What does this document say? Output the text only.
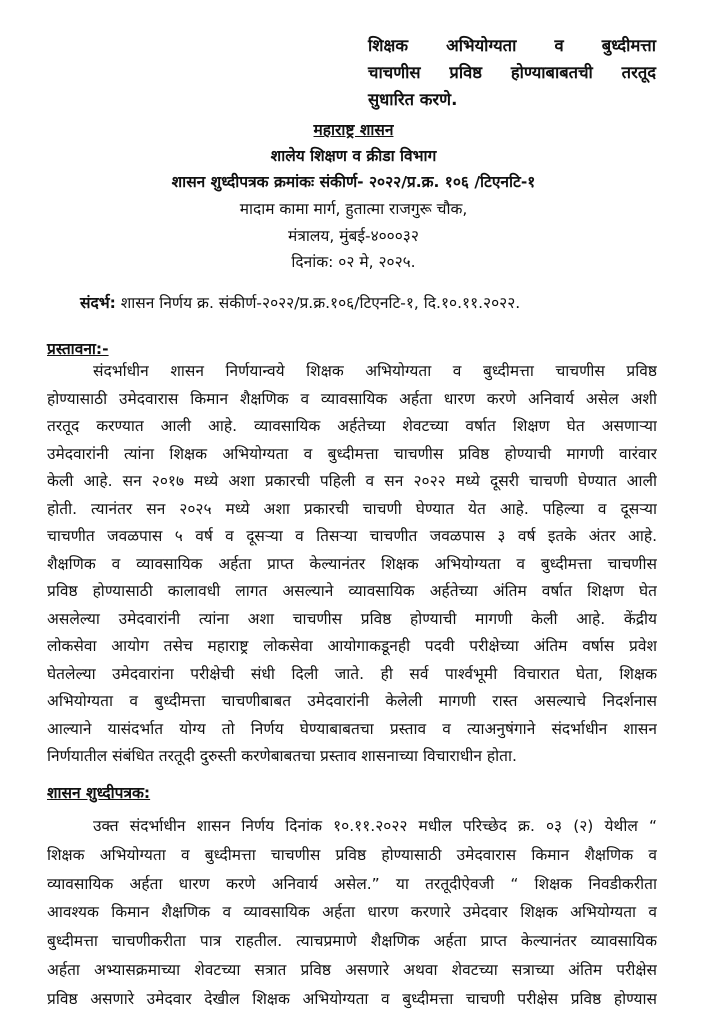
शिक्षक अभियोग्यता व बुध्दीमत्ता
चाचणीस प्रविष्ठ होण्याबाबतची तरतूद
सुधारित करणे.
महाराष्ट्र शासन
शालेय शिक्षण व क्रीडा विभाग
शासन शुध्दीपत्रक क्रमांकः संकीर्ण- २०२२/प्र.क्र. १०६ /टिएनटि-१
मादाम कामा मार्ग, हुतात्मा राजगुरू चौक,
मंत्रालय, मुंबई-४०००३२
दिनांक: ०२ मे, २०२५.
संदर्भ: शासन निर्णय क्र. संकीर्ण-२०२२/प्र.क्र.१०६/टिएनटि-१, दि.१०.११.२०२२.
प्रस्तावना:-
संदर्भाधीन शासन निर्णयान्वये शिक्षक अभियोग्यता व बुध्दीमत्ता चाचणीस प्रविष्ठ
होण्यासाठी उमेदवारास किमान शैक्षणिक व व्यावसायिक अर्हता धारण करणे अनिवार्य असेल अशी
तरतूद करण्यात आली आहे. व्यावसायिक अर्हतेच्या शेवटच्या वर्षात शिक्षण घेत असणाऱ्या
उमेदवारांनी त्यांना शिक्षक अभियोग्यता व बुध्दीमत्ता चाचणीस प्रविष्ठ होण्याची मागणी वारंवार
केली आहे. सन २०१७ मध्ये अशा प्रकारची पहिली व सन २०२२ मध्ये दूसरी चाचणी घेण्यात आली
होती. त्यानंतर सन २०२५ मध्ये अशा प्रकारची चाचणी घेण्यात येत आहे. पहिल्या व दूसऱ्या
चाचणीत जवळपास ५ वर्ष व दूसऱ्या व तिसऱ्या चाचणीत जवळपास ३ वर्ष इतके अंतर आहे.
शैक्षणिक व व्यावसायिक अर्हता प्राप्त केल्यानंतर शिक्षक अभियोग्यता व बुध्दीमत्ता चाचणीस
प्रविष्ठ होण्यासाठी कालावधी लागत असल्याने व्यावसायिक अर्हतेच्या अंतिम वर्षात शिक्षण घेत
असलेल्या उमेदवारांनी त्यांना अशा चाचणीस प्रविष्ठ होण्याची मागणी केली आहे. केंद्रीय
लोकसेवा आयोग तसेच महाराष्ट्र लोकसेवा आयोगाकडूनही पदवी परीक्षेच्या अंतिम वर्षास प्रवेश
घेतलेल्या उमेदवारांना परीक्षेची संधी दिली जाते. ही सर्व पार्श्वभूमी विचारात घेता, शिक्षक
अभियोग्यता व बुध्दीमत्ता चाचणीबाबत उमेदवारांनी केलेली मागणी रास्त असल्याचे निदर्शनास
आल्याने यासंदर्भात योग्य तो निर्णय घेण्याबाबतचा प्रस्ताव व त्याअनुषंगाने संदर्भाधीन शासन
निर्णयातील संबंधित तरतूदी दुरुस्ती करणेबाबतचा प्रस्ताव शासनाच्या विचाराधीन होता.
शासन शुध्दीपत्रक:
उक्त संदर्भाधीन शासन निर्णय दिनांक १०.११.२०२२ मधील परिच्छेद क्र. ०३ (२) येथील “
शिक्षक अभियोग्यता व बुध्दीमत्ता चाचणीस प्रविष्ठ होण्यासाठी उमेदवारास किमान शैक्षणिक व
व्यावसायिक अर्हता धारण करणे अनिवार्य असेल.” या तरतूदीऐवजी “ शिक्षक निवडीकरीता
आवश्यक किमान शैक्षणिक व व्यावसायिक अर्हता धारण करणारे उमेदवार शिक्षक अभियोग्यता व
बुध्दीमत्ता चाचणीकरीता पात्र राहतील. त्याचप्रमाणे शैक्षणिक अर्हता प्राप्त केल्यानंतर व्यावसायिक
अर्हता अभ्यासक्रमाच्या शेवटच्या सत्रात प्रविष्ठ असणारे अथवा शेवटच्या सत्राच्या अंतिम परीक्षेस
प्रविष्ठ असणारे उमेदवार देखील शिक्षक अभियोग्यता व बुध्दीमत्ता चाचणी परीक्षेस प्रविष्ठ होण्यास
